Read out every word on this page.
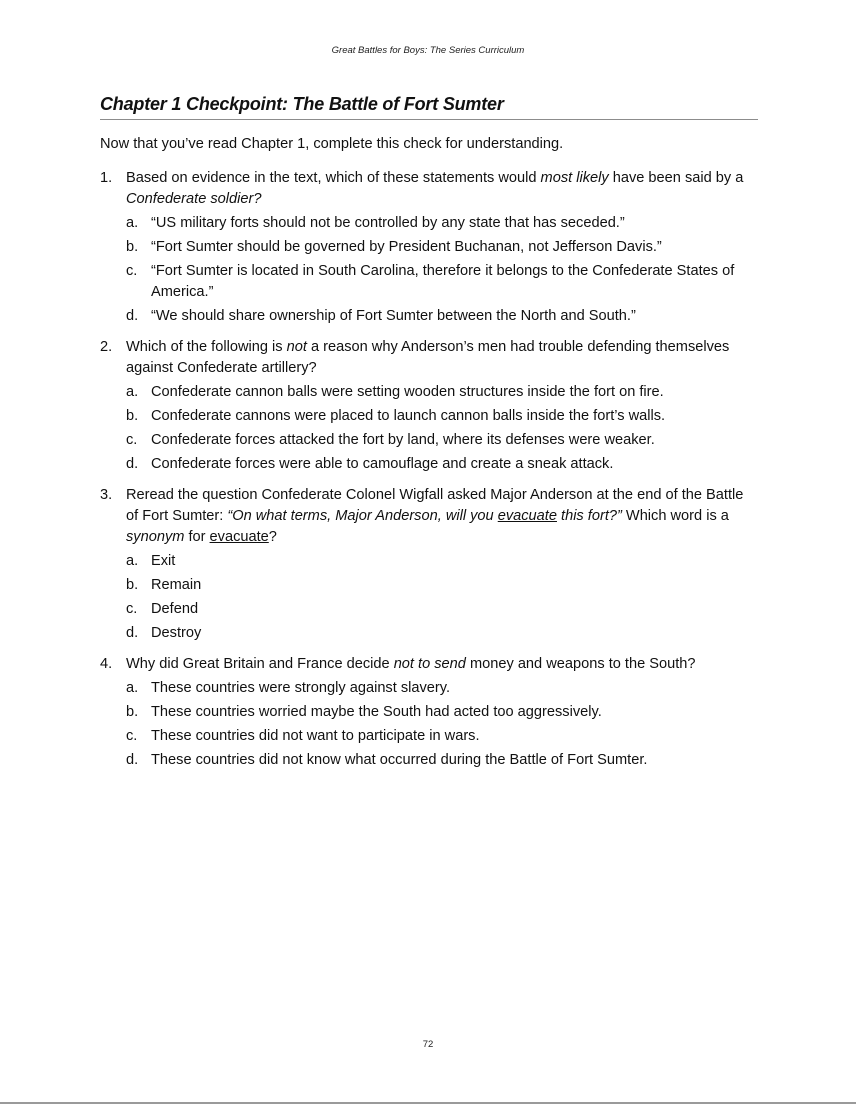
Great Battles for Boys: The Series Curriculum
Chapter 1 Checkpoint: The Battle of Fort Sumter

Now that you’ve read Chapter 1, complete this check for understanding.

1. Based on evidence in the text, which of these statements would most likely have been said by a Confederate soldier?

a. “US military forts should not be controlled by any state that has seceded.”
b. “Fort Sumter should be governed by President Buchanan, not Jefferson Davis.”
c. “Fort Sumter is located in South Carolina, therefore it belongs to the Confederate States of America.”
d. “We should share ownership of Fort Sumter between the North and South.”

2. Which of the following is not a reason why Anderson’s men had trouble defending themselves against Confederate artillery?

a. Confederate cannon balls were setting wooden structures inside the fort on fire.
b. Confederate cannons were placed to launch cannon balls inside the fort’s walls.
c. Confederate forces attacked the fort by land, where its defenses were weaker.
d. Confederate forces were able to camouflage and create a sneak attack.

3. Reread the question Confederate Colonel Wigfall asked Major Anderson at the end of the Battle of Fort Sumter: “On what terms, Major Anderson, will you evacuate this fort?” Which word is a synonym for evacuate?

a. Exit
b. Remain
c. Defend
d. Destroy

4. Why did Great Britain and France decide not to send money and weapons to the South?

a. These countries were strongly against slavery.
b. These countries worried maybe the South had acted too aggressively.
c. These countries did not want to participate in wars.
d. These countries did not know what occurred during the Battle of Fort Sumter.
72
